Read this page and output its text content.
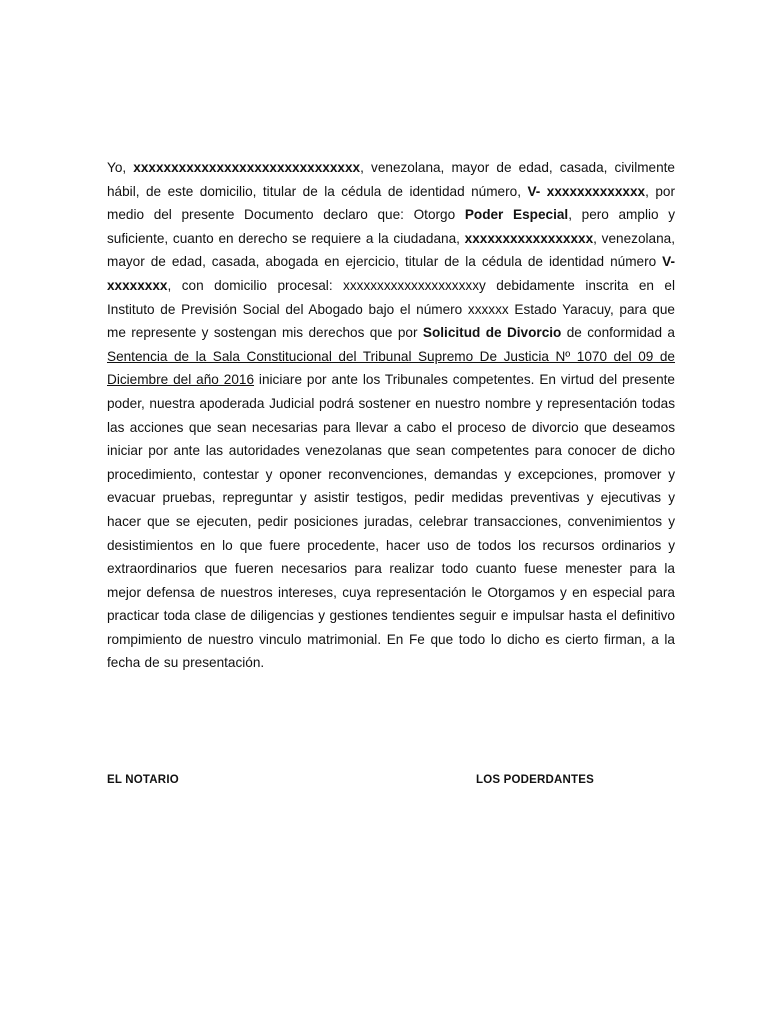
Yo, xxxxxxxxxxxxxxxxxxxxxxxxxxxxxx, venezolana, mayor de edad, casada, civilmente hábil, de este domicilio, titular de la cédula de identidad número, V- xxxxxxxxxxxxx, por medio del presente Documento declaro que: Otorgo Poder Especial, pero amplio y suficiente, cuanto en derecho se requiere a la ciudadana, xxxxxxxxxxxxxxxxx, venezolana, mayor de edad, casada, abogada en ejercicio, titular de la cédula de identidad número V- xxxxxxxx, con domicilio procesal: xxxxxxxxxxxxxxxxxxxxy debidamente inscrita en el Instituto de Previsión Social del Abogado bajo el número xxxxxx Estado Yaracuy, para que me represente y sostengan mis derechos que por Solicitud de Divorcio de conformidad a Sentencia de la Sala Constitucional del Tribunal Supremo De Justicia Nº 1070 del 09 de Diciembre del año 2016 iniciare por ante los Tribunales competentes. En virtud del presente poder, nuestra apoderada Judicial podrá sostener en nuestro nombre y representación todas las acciones que sean necesarias para llevar a cabo el proceso de divorcio que deseamos iniciar por ante las autoridades venezolanas que sean competentes para conocer de dicho procedimiento, contestar y oponer reconvenciones, demandas y excepciones, promover y evacuar pruebas, repreguntar y asistir testigos, pedir medidas preventivas y ejecutivas y hacer que se ejecuten, pedir posiciones juradas, celebrar transacciones, convenimientos y desistimientos en lo que fuere procedente, hacer uso de todos los recursos ordinarios y extraordinarios que fueren necesarios para realizar todo cuanto fuese menester para la mejor defensa de nuestros intereses, cuya representación le Otorgamos y en especial para practicar toda clase de diligencias y gestiones tendientes seguir e impulsar hasta el definitivo rompimiento de nuestro vinculo matrimonial. En Fe que todo lo dicho es cierto firman, a la fecha de su presentación.

EL NOTARIO	LOS PODERDANTES
